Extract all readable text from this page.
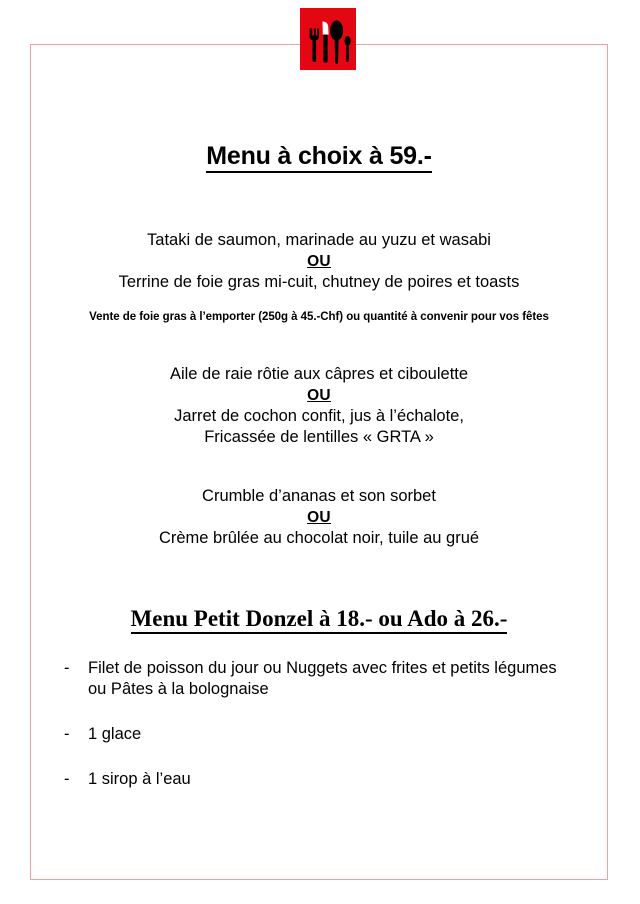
Menu à choix à 59.-
Tataki de saumon, marinade au yuzu et wasabi
OU
Terrine de foie gras mi-cuit, chutney de poires et toasts
Vente de foie gras à l’emporter (250g à 45.-Chf) ou quantité à convenir pour vos fêtes
Aile de raie rôtie aux câpres et ciboulette
OU
Jarret de cochon confit, jus à l’échalote,
Fricassée de lentilles « GRTA »
Crumble d’ananas et son sorbet
OU
Crème brûlée au chocolat noir, tuile au grué
Menu Petit Donzel à 18.- ou Ado à 26.-
-	Filet de poisson du jour ou Nuggets avec frites et petits légumes
ou Pâtes à la bolognaise
-	1 glace
-	1 sirop à l’eau
